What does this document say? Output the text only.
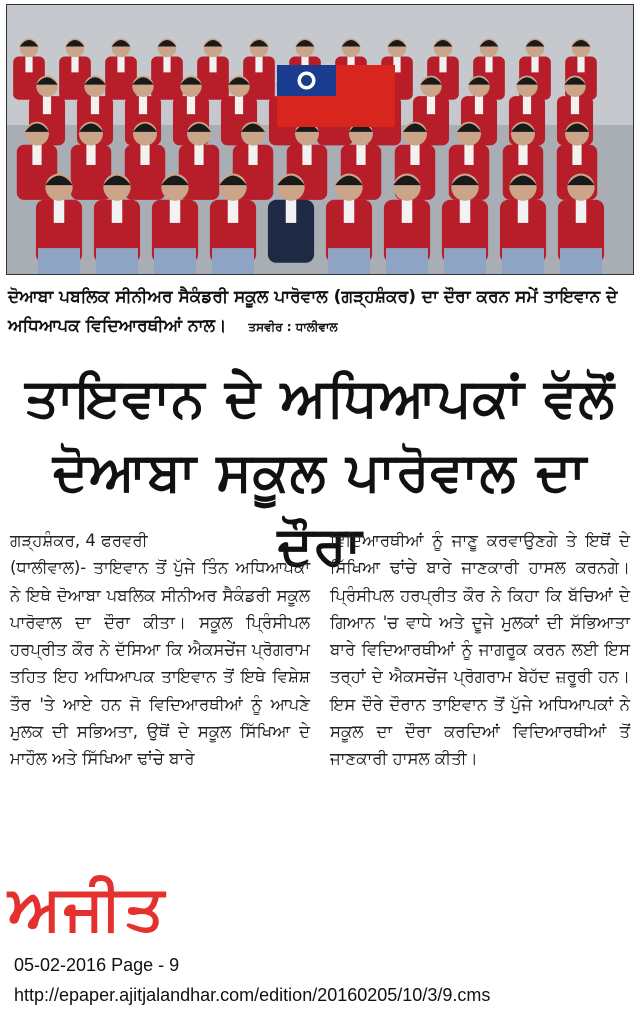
ਦੋਆਬਾ ਪਬਲਿਕ ਸੀਨੀਅਰ ਸੈਕੰਡਰੀ ਸਕੂਲ ਪਾਰੋਵਾਲ (ਗੜ੍ਹਸ਼ੰਕਰ) ਦਾ ਦੌਰਾ ਕਰਨ ਸਮੇਂ ਤਾਇਵਾਨ ਦੇ ਅਧਿਆਪਕ ਵਿਦਿਆਰਥੀਆਂ ਨਾਲ। ਤਸਵੀਰ : ਧਾਲੀਵਾਲ
ਤਾਇਵਾਨ ਦੇ ਅਧਿਆਪਕਾਂ ਵੱਲੋਂ
ਦੋਆਬਾ ਸਕੂਲ ਪਾਰੋਵਾਲ ਦਾ ਦੌਰਾ
ਗੜ੍ਹਸ਼ੰਕਰ, 4 ਫਰਵਰੀ
(ਧਾਲੀਵਾਲ)- ਤਾਇਵਾਨ ਤੋਂ ਪੁੱਜੇ ਤਿੰਨ ਅਧਿਆਪਕਾਂ ਨੇ ਇਥੇ ਦੋਆਬਾ ਪਬਲਿਕ ਸੀਨੀਅਰ ਸੈਕੰਡਰੀ ਸਕੂਲ ਪਾਰੋਵਾਲ ਦਾ ਦੌਰਾ ਕੀਤਾ। ਸਕੂਲ ਪ੍ਰਿੰਸੀਪਲ ਹਰਪ੍ਰੀਤ ਕੌਰ ਨੇ ਦੱਸਿਆ ਕਿ ਐਕਸਚੇਂਜ ਪ੍ਰੋਗਰਾਮ ਤਹਿਤ ਇਹ ਅਧਿਆਪਕ ਤਾਇਵਾਨ ਤੋਂ ਇਥੇ ਵਿਸ਼ੇਸ਼ ਤੌਰ 'ਤੇ ਆਏ ਹਨ ਜੋ ਵਿਦਿਆਰਥੀਆਂ ਨੂੰ ਆਪਣੇ ਮੁਲਕ ਦੀ ਸਭਿਅਤਾ, ਉਥੋਂ ਦੇ ਸਕੂਲ ਸਿੱਖਿਆ ਦੇ ਮਾਹੌਲ ਅਤੇ ਸਿੱਖਿਆ ਢਾਂਚੇ ਬਾਰੇ
ਵਿਦਿਆਰਥੀਆਂ ਨੂੰ ਜਾਣੂ ਕਰਵਾਉਣਗੇ ਤੇ ਇਥੋਂ ਦੇ ਸਿੱਖਿਆ ਢਾਂਚੇ ਬਾਰੇ ਜਾਣਕਾਰੀ ਹਾਸਲ ਕਰਨਗੇ। ਪ੍ਰਿੰਸੀਪਲ ਹਰਪ੍ਰੀਤ ਕੌਰ ਨੇ ਕਿਹਾ ਕਿ ਬੱਚਿਆਂ ਦੇ ਗਿਆਨ 'ਚ ਵਾਧੇ ਅਤੇ ਦੂਜੇ ਮੁਲਕਾਂ ਦੀ ਸੱਭਿਆਤਾ ਬਾਰੇ ਵਿਦਿਆਰਥੀਆਂ ਨੂੰ ਜਾਗਰੂਕ ਕਰਨ ਲਈ ਇਸ ਤਰ੍ਹਾਂ ਦੇ ਐਕਸਚੇਂਜ ਪ੍ਰੋਗਰਾਮ ਬੇਹੱਦ ਜ਼ਰੂਰੀ ਹਨ। ਇਸ ਦੌਰੇ ਦੌਰਾਨ ਤਾਇਵਾਨ ਤੋਂ ਪੁੱਜੇ ਅਧਿਆਪਕਾਂ ਨੇ ਸਕੂਲ ਦਾ ਦੌਰਾ ਕਰਦਿਆਂ ਵਿਦਿਆਰਥੀਆਂ ਤੋਂ ਜਾਣਕਾਰੀ ਹਾਸਲ ਕੀਤੀ।
ਅਜੀਤ
05-02-2016 Page - 9
http://epaper.ajitjalandhar.com/edition/20160205/10/3/9.cms
